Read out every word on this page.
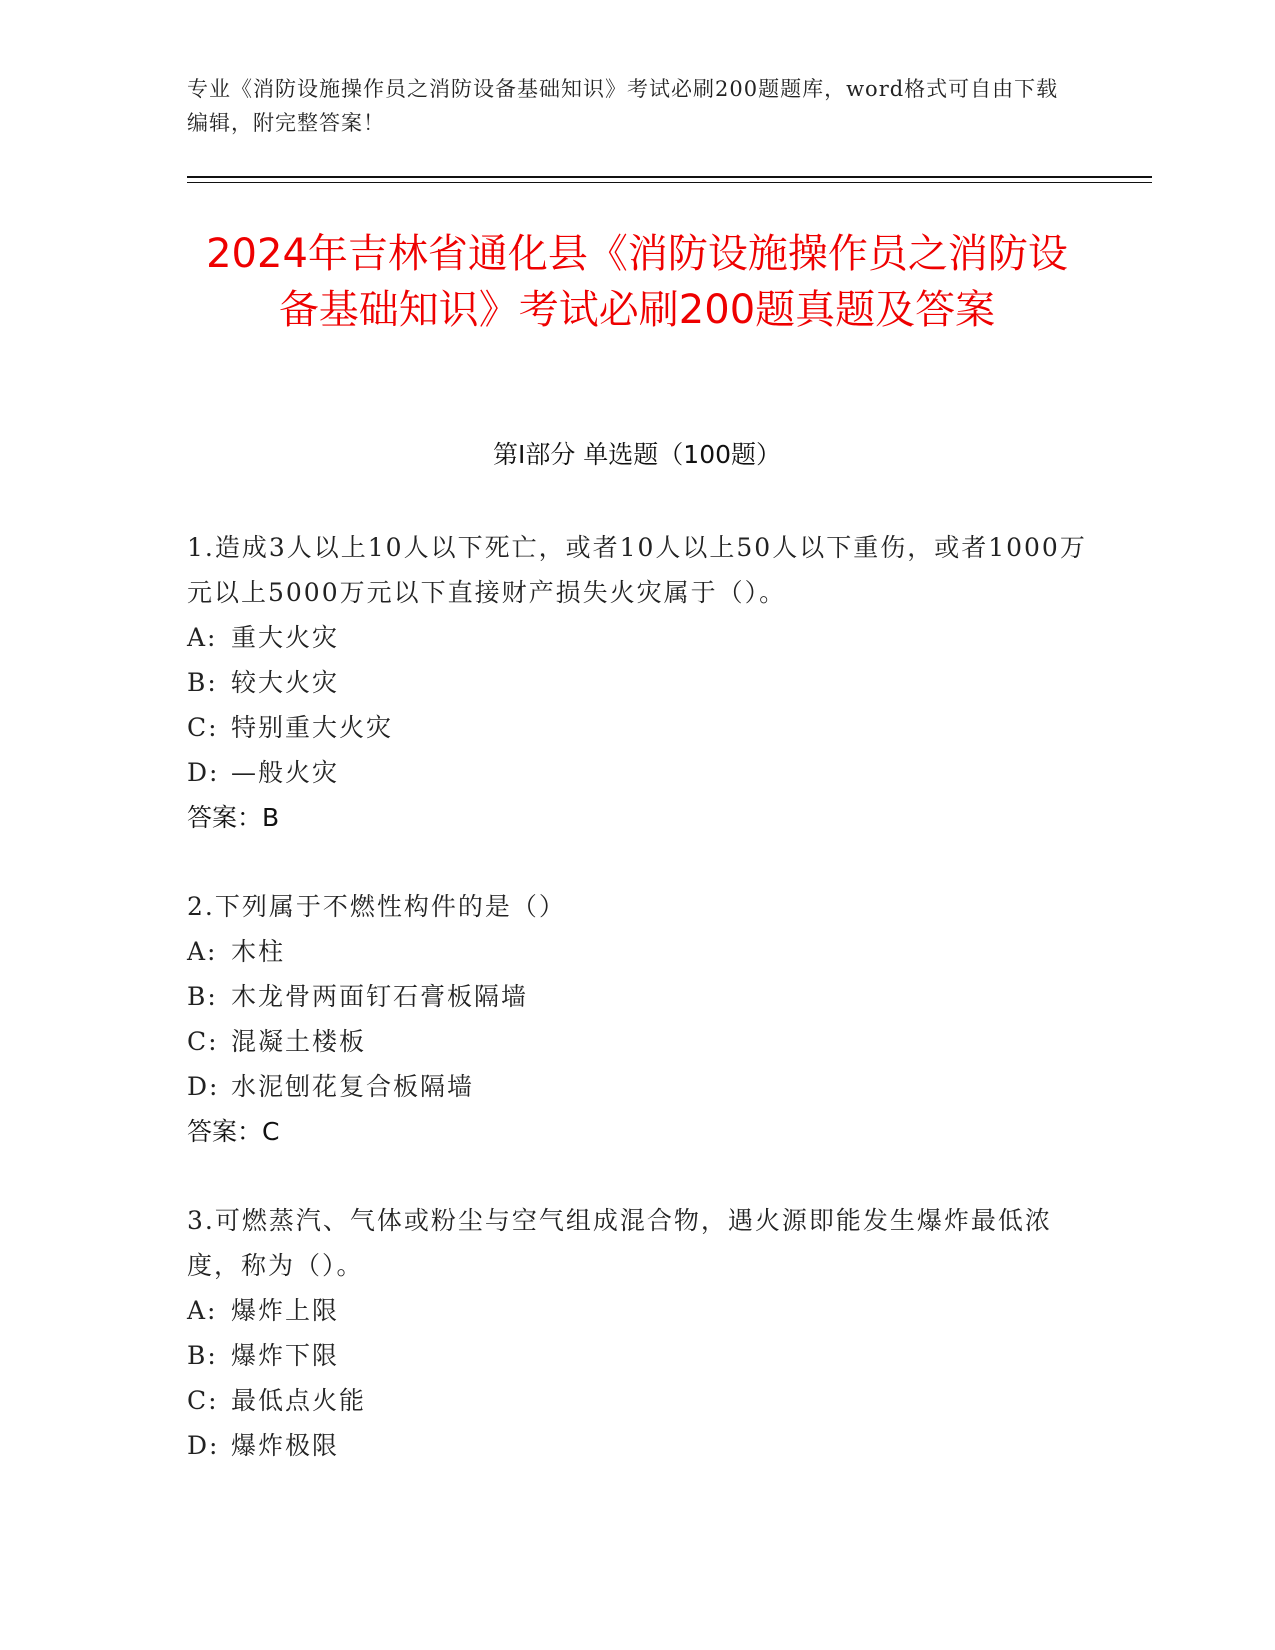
专业《消防设施操作员之消防设备基础知识》考试必刷200题题库，word格式可自由下载编辑，附完整答案！
2024年吉林省通化县《消防设施操作员之消防设备基础知识》考试必刷200题真题及答案
第I部分 单选题（100题）
1.造成3人以上10人以下死亡，或者10人以上50人以下重伤，或者1000万元以上5000万元以下直接财产损失火灾属于（）。
A: 重大火灾
B: 较大火灾
C: 特别重大火灾
D: —般火灾
答案：B
2.下列属于不燃性构件的是（）
A: 木柱
B: 木龙骨两面钉石膏板隔墙
C: 混凝土楼板
D: 水泥刨花复合板隔墙
答案：C
3.可燃蒸汽、气体或粉尘与空气组成混合物，遇火源即能发生爆炸最低浓度，称为（）。
A: 爆炸上限
B: 爆炸下限
C: 最低点火能
D: 爆炸极限
